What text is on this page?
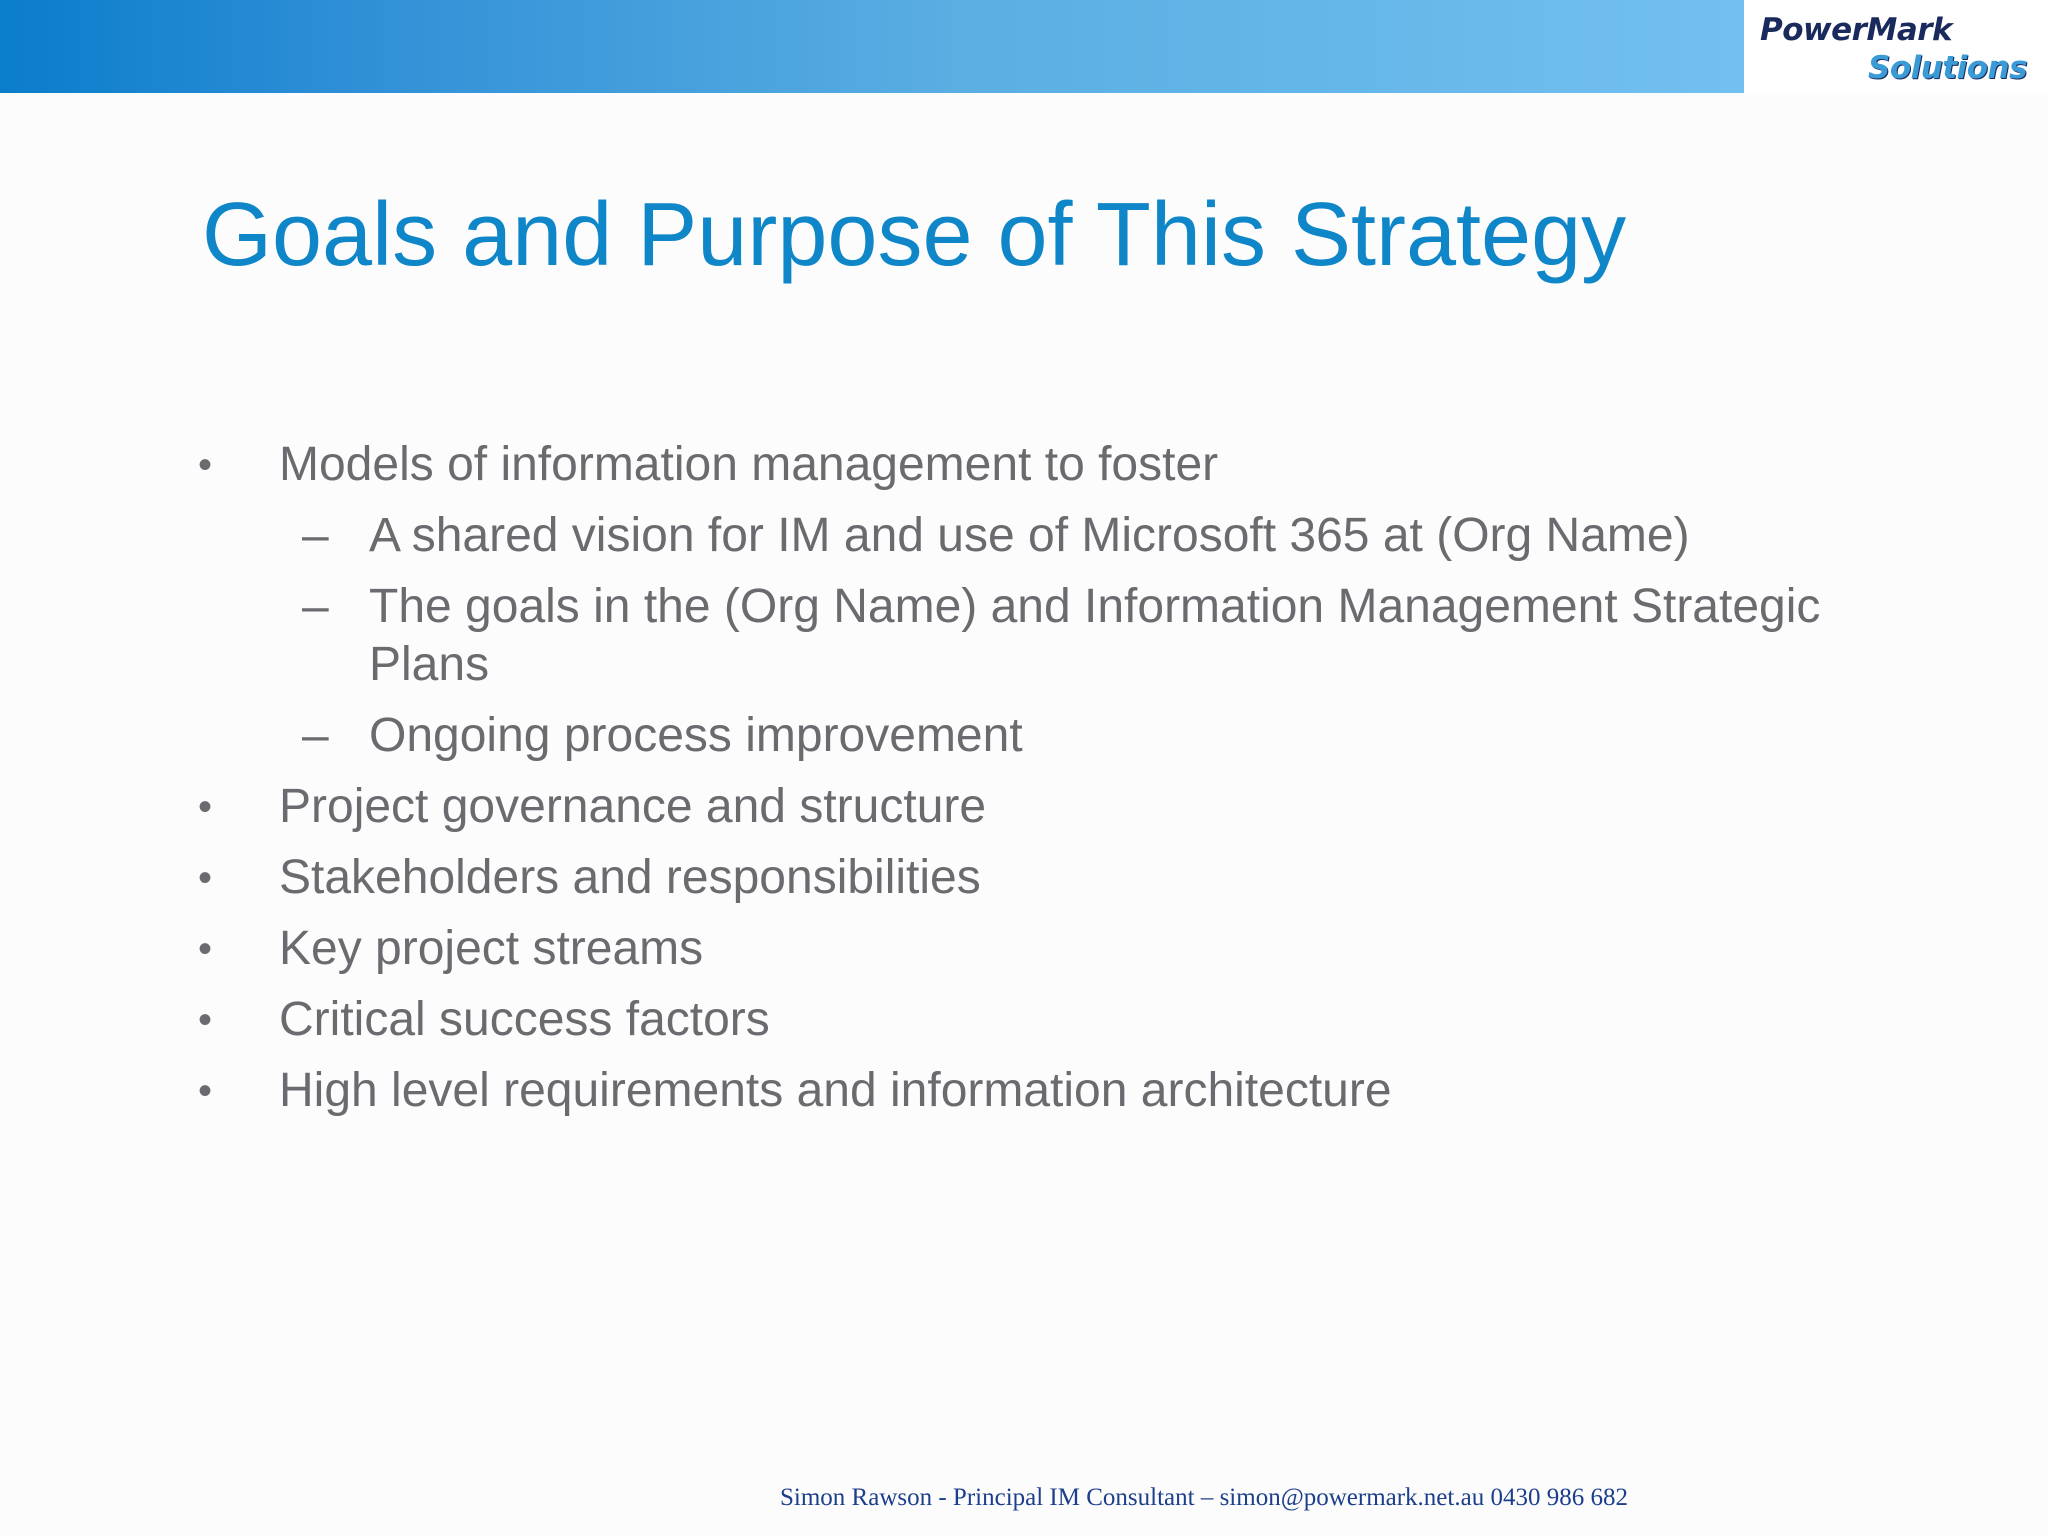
PowerMark
Solutions
Goals and Purpose of This Strategy
• Models of information management to foster
– A shared vision for IM and use of Microsoft 365 at (Org Name)
– The goals in the (Org Name) and Information Management Strategic Plans
– Ongoing process improvement
• Project governance and structure
• Stakeholders and responsibilities
• Key project streams
• Critical success factors
• High level requirements and information architecture
Simon Rawson - Principal IM Consultant – simon@powermark.net.au 0430 986 682
